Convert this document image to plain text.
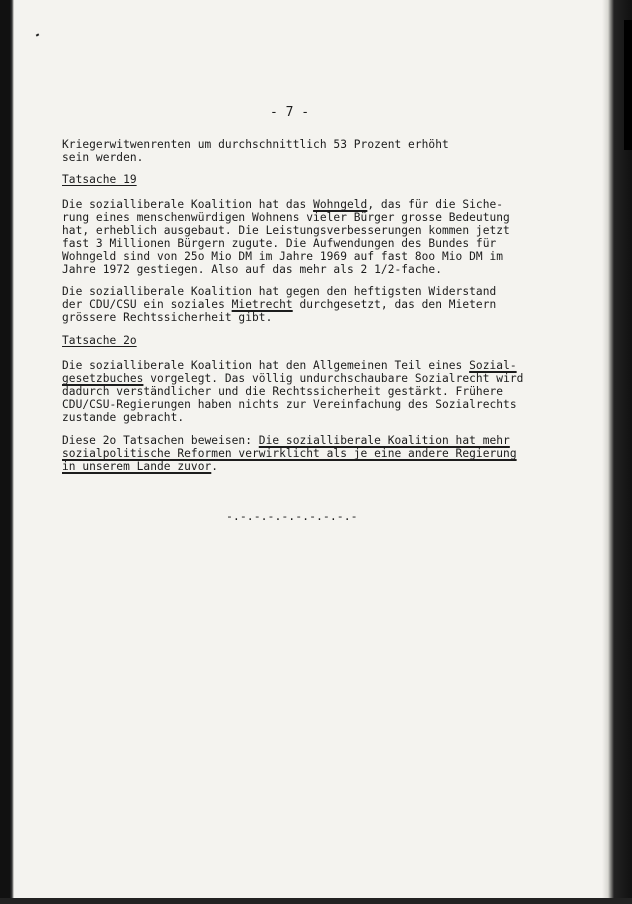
- 7 -
Kriegerwitwenrenten um durchschnittlich 53 Prozent erhöht
sein werden.
Tatsache 19
Die sozialliberale Koalition hat das Wohngeld, das für die Siche-
rung eines menschenwürdigen Wohnens vieler Bürger grosse Bedeutung
hat, erheblich ausgebaut. Die Leistungsverbesserungen kommen jetzt
fast 3 Millionen Bürgern zugute. Die Aufwendungen des Bundes für
Wohngeld sind von 25o Mio DM im Jahre 1969 auf fast 8oo Mio DM im
Jahre 1972 gestiegen. Also auf das mehr als 2 1/2-fache.
Die sozialliberale Koalition hat gegen den heftigsten Widerstand
der CDU/CSU ein soziales Mietrecht durchgesetzt, das den Mietern
grössere Rechtssicherheit gibt.
Tatsache 2o
Die sozialliberale Koalition hat den Allgemeinen Teil eines Sozial-
gesetzbuches vorgelegt. Das völlig undurchschaubare Sozialrecht wird
dadurch verständlicher und die Rechtssicherheit gestärkt. Frühere
CDU/CSU-Regierungen haben nichts zur Vereinfachung des Sozialrechts
zustande gebracht.
Diese 2o Tatsachen beweisen: Die sozialliberale Koalition hat mehr
sozialpolitische Reformen verwirklicht als je eine andere Regierung
in unserem Lande zuvor.
-.-.-.-.-.-.-.-.-.-
